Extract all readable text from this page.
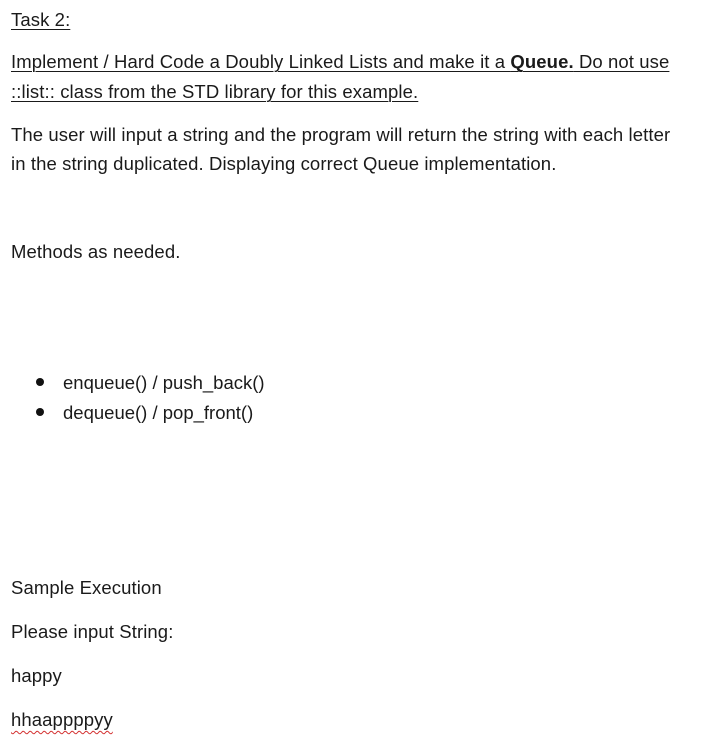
Task 2:
Implement / Hard Code a Doubly Linked Lists and make it a Queue. Do not use
::list:: class from the STD library for this example.
The user will input a string and the program will return the string with each letter
in the string duplicated. Displaying correct Queue implementation.
Methods as needed.
enqueue() / push_back()
dequeue() / pop_front()
Sample Execution
Please input String:
happy
hhaappppyy
